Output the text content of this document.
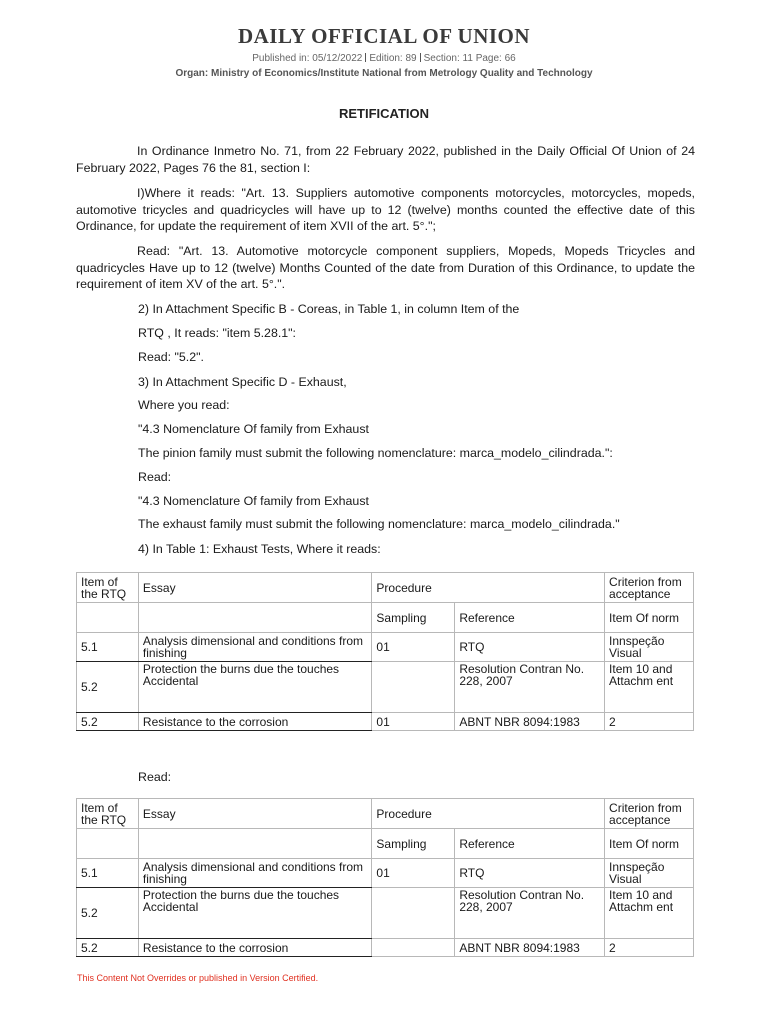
DAILY OFFICIAL OF UNION
Published in: 05/12/2022 Edition: 89 Section: 11 Page: 66
Organ: Ministry of Economics/Institute National from Metrology Quality and Technology
RETIFICATION
In Ordinance Inmetro No. 71, from 22 February 2022, published in the Daily Official Of Union of 24 February 2022, Pages 76 the 81, section I:
I)Where it reads: "Art. 13. Suppliers automotive components motorcycles, motorcycles, mopeds, automotive tricycles and quadricycles will have up to 12 (twelve) months counted the effective date of this Ordinance, for update the requirement of item XVII of the art. 5°.";
Read: "Art. 13. Automotive motorcycle component suppliers, Mopeds, Mopeds Tricycles and quadricycles Have up to 12 (twelve) Months Counted of the date from Duration of this Ordinance, to update the requirement of item XV of the art. 5°.".
2) In Attachment Specific B - Coreas, in Table 1, in column Item of the
RTQ , It reads: "item 5.28.1":
Read: "5.2".
3) In Attachment Specific D - Exhaust,
Where you read:
"4.3 Nomenclature Of family from Exhaust
The pinion family must submit the following nomenclature: marca_modelo_cilindrada.":
Read:
"4.3 Nomenclature Of family from Exhaust
The exhaust family must submit the following nomenclature: marca_modelo_cilindrada."
4) In Table 1: Exhaust Tests, Where it reads:
Item of the RTQ	Essay	Procedure		Criterion from acceptance
		Sampling	Reference	Item Of norm
5.1	Analysis dimensional and conditions from finishing	01	RTQ	Innspeção Visual
5.2	Protection the burns due the touches Accidental		Resolution Contran No. 228, 2007	Item 10 and Attachm ent
5.2	Resistance to the corrosion	01	ABNT NBR 8094:1983	2
Read:
Item of the RTQ	Essay	Procedure		Criterion from acceptance
		Sampling	Reference	Item Of norm
5.1	Analysis dimensional and conditions from finishing	01	RTQ	Innspeção Visual
5.2	Protection the burns due the touches Accidental		Resolution Contran No. 228, 2007	Item 10 and Attachm ent
5.2	Resistance to the corrosion		ABNT NBR 8094:1983	2
This Content Not Overrides or published in Version Certified.
